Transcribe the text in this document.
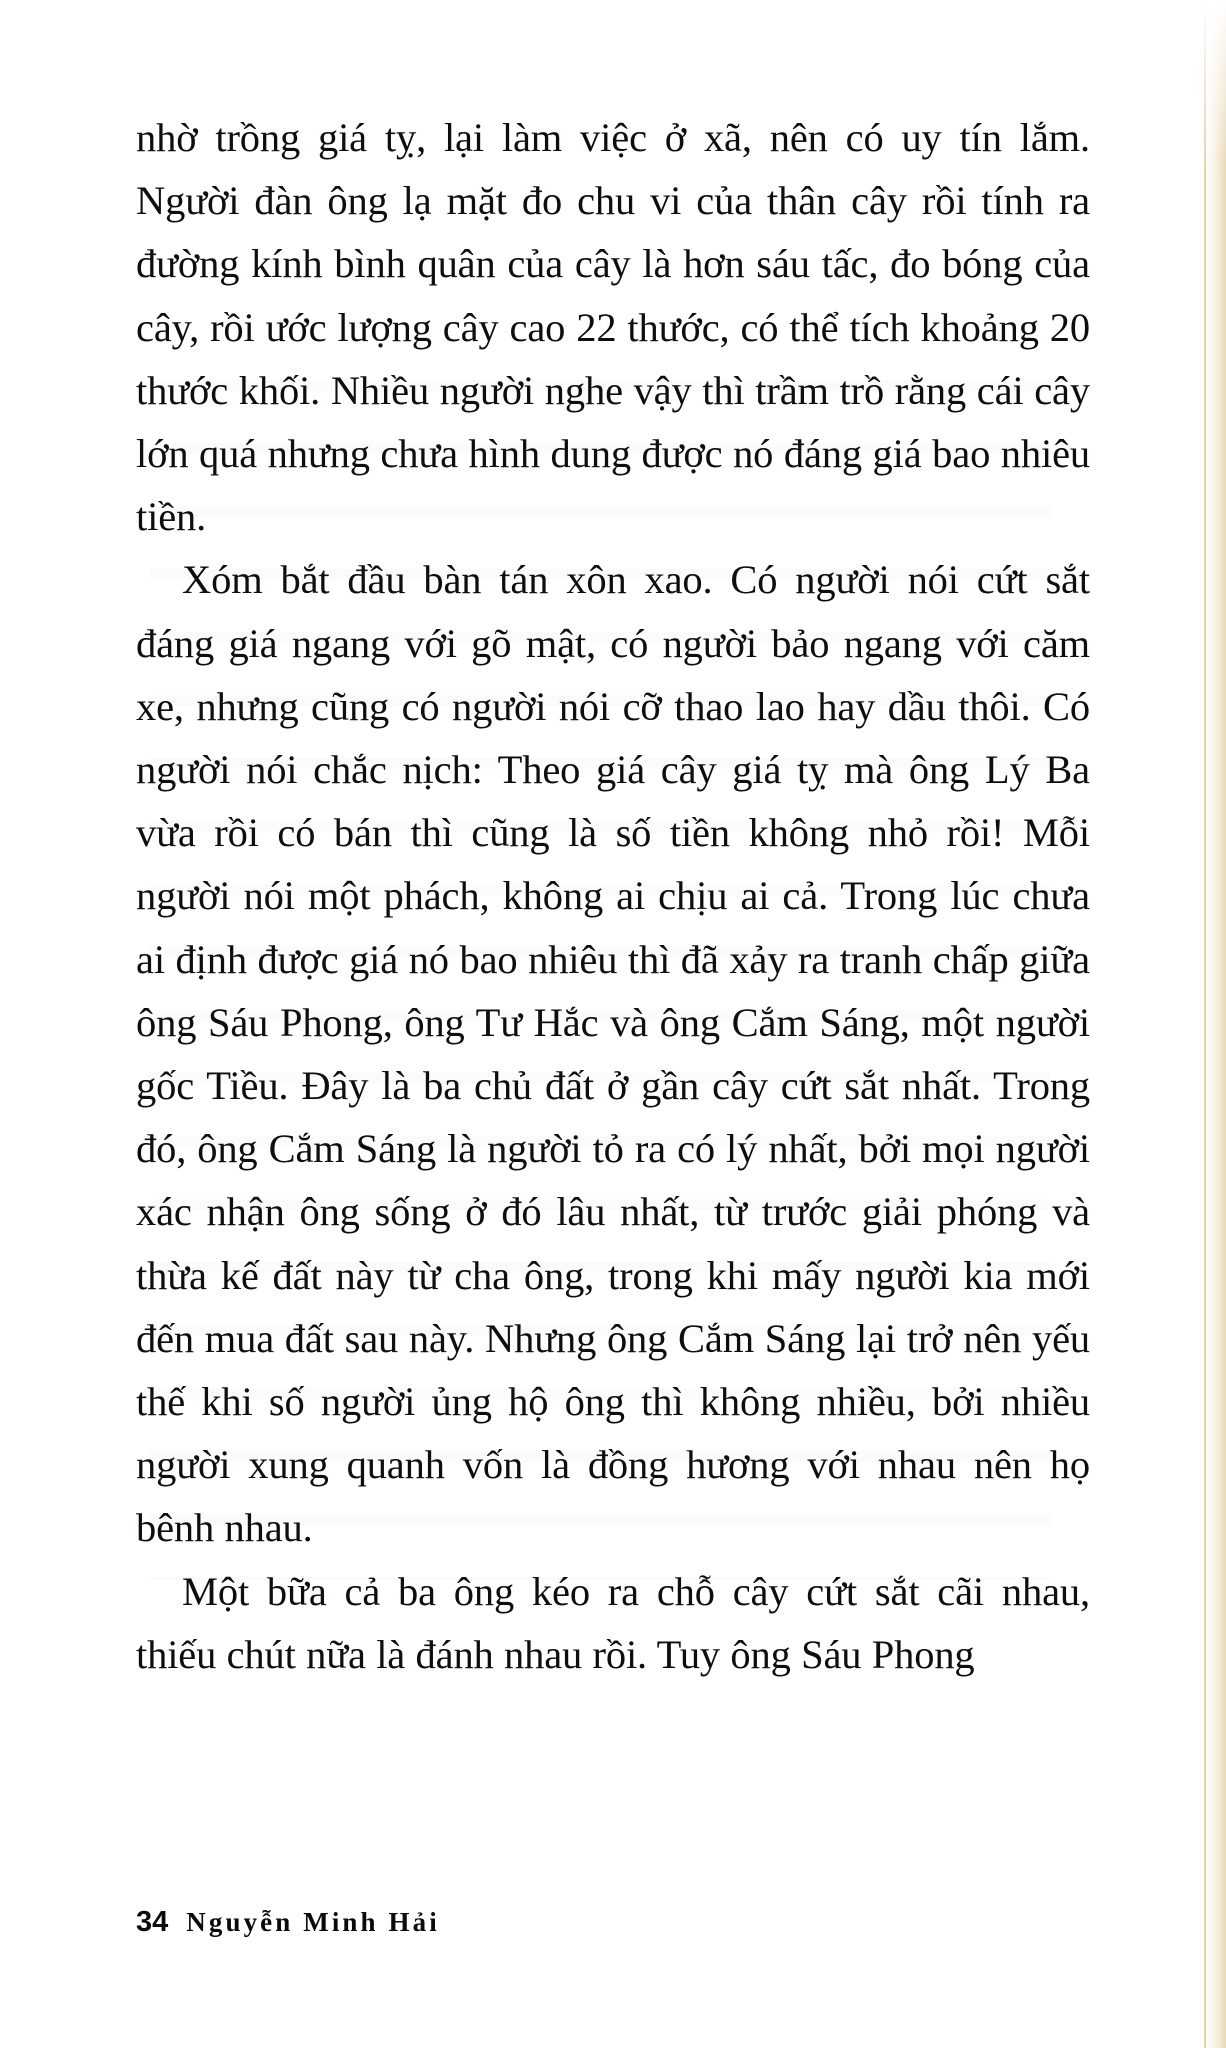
nhờ trồng giá tỵ, lại làm việc ở xã, nên có uy tín lắm. Người đàn ông lạ mặt đo chu vi của thân cây rồi tính ra đường kính bình quân của cây là hơn sáu tấc, đo bóng của cây, rồi ước lượng cây cao 22 thước, có thể tích khoảng 20 thước khối. Nhiều người nghe vậy thì trầm trồ rằng cái cây lớn quá nhưng chưa hình dung được nó đáng giá bao nhiêu tiền.

Xóm bắt đầu bàn tán xôn xao. Có người nói cứt sắt đáng giá ngang với gõ mật, có người bảo ngang với căm xe, nhưng cũng có người nói cỡ thao lao hay dầu thôi. Có người nói chắc nịch: Theo giá cây giá tỵ mà ông Lý Ba vừa rồi có bán thì cũng là số tiền không nhỏ rồi! Mỗi người nói một phách, không ai chịu ai cả. Trong lúc chưa ai định được giá nó bao nhiêu thì đã xảy ra tranh chấp giữa ông Sáu Phong, ông Tư Hắc và ông Cắm Sáng, một người gốc Tiều. Đây là ba chủ đất ở gần cây cứt sắt nhất. Trong đó, ông Cắm Sáng là người tỏ ra có lý nhất, bởi mọi người xác nhận ông sống ở đó lâu nhất, từ trước giải phóng và thừa kế đất này từ cha ông, trong khi mấy người kia mới đến mua đất sau này. Nhưng ông Cắm Sáng lại trở nên yếu thế khi số người ủng hộ ông thì không nhiều, bởi nhiều người xung quanh vốn là đồng hương với nhau nên họ bênh nhau.

Một bữa cả ba ông kéo ra chỗ cây cứt sắt cãi nhau, thiếu chút nữa là đánh nhau rồi. Tuy ông Sáu Phong

34 Nguyễn Minh Hải
